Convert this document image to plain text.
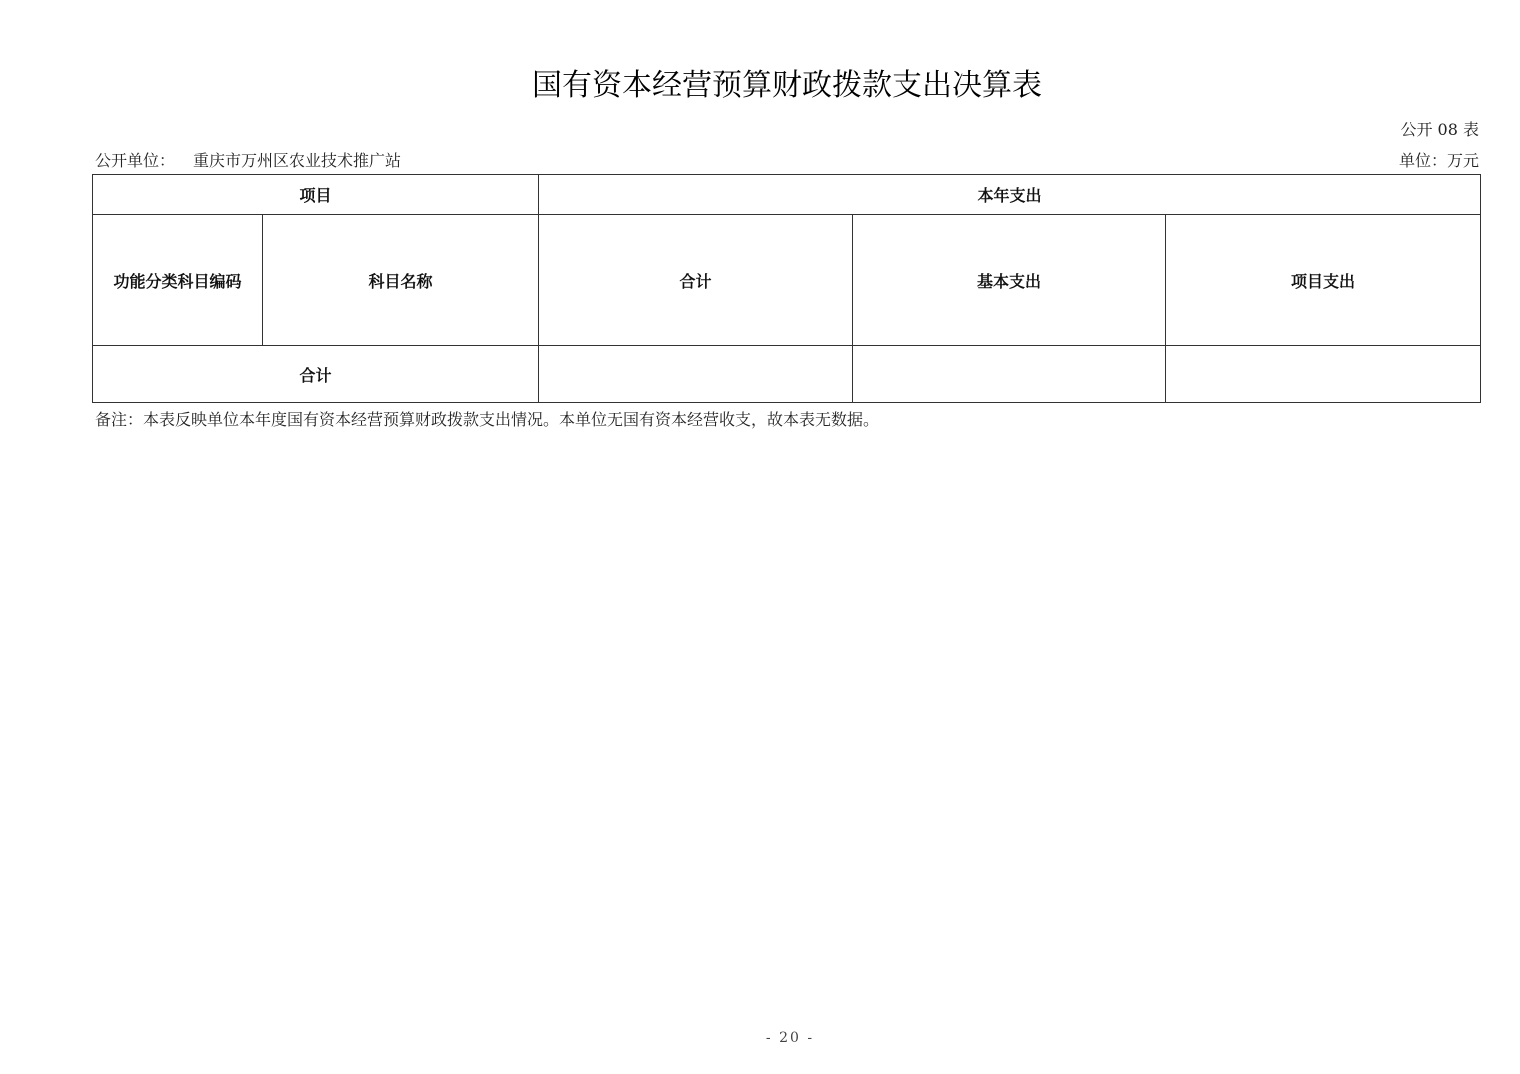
国有资本经营预算财政拨款支出决算表
公开 08 表
公开单位： 重庆市万州区农业技术推广站	单位：万元
项目		本年支出		
功能分类科目编码	科目名称	合计	基本支出	项目支出
合计				
备注：本表反映单位本年度国有资本经营预算财政拨款支出情况。本单位无国有资本经营收支，故本表无数据。
- 20 -
